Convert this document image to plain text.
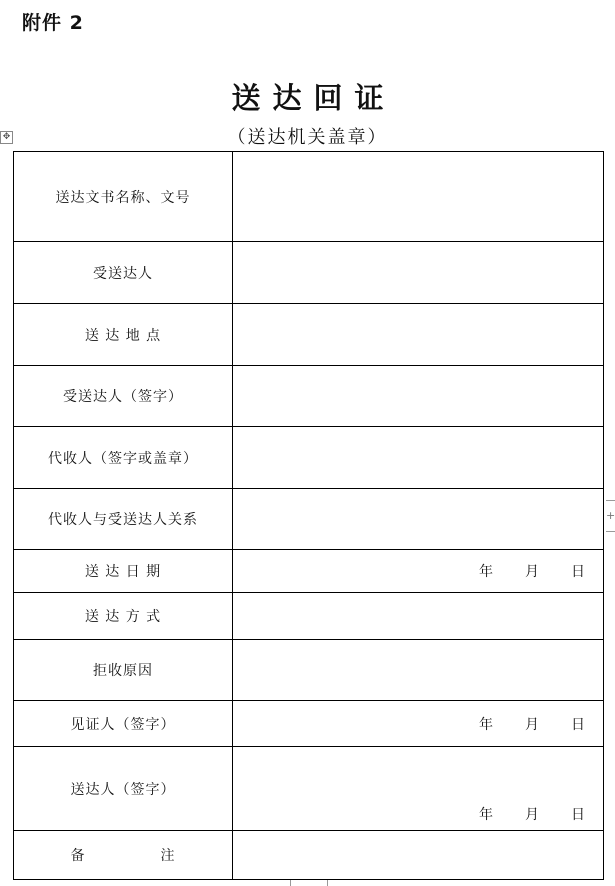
附件 2
送达回证
（送达机关盖章）
✥
+
送达文书名称、文号
受送达人
送 达 地 点
受送达人（签字）
代收人（签字或盖章）
代收人与受送达人关系
送 达 日 期	年 月 日
送 达 方 式
拒收原因
见证人（签字）	年 月 日
送达人（签字）
年 月 日
备　　　　　注
